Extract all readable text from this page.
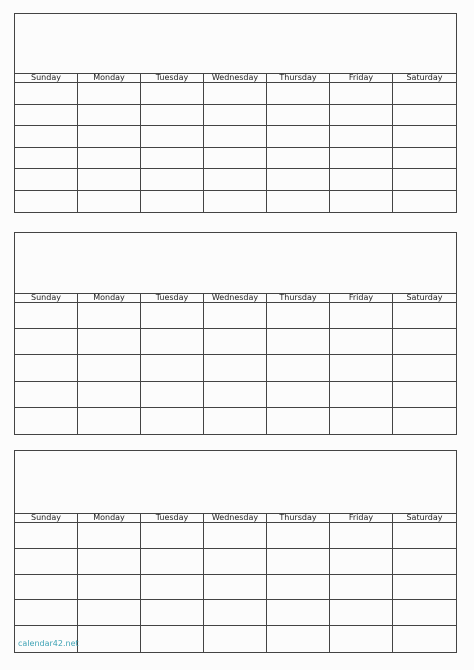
Sunday	Monday	Tuesday	Wednesday	Thursday	Friday	Saturday
Sunday	Monday	Tuesday	Wednesday	Thursday	Friday	Saturday
Sunday	Monday	Tuesday	Wednesday	Thursday	Friday	Saturday
calendar42.net
